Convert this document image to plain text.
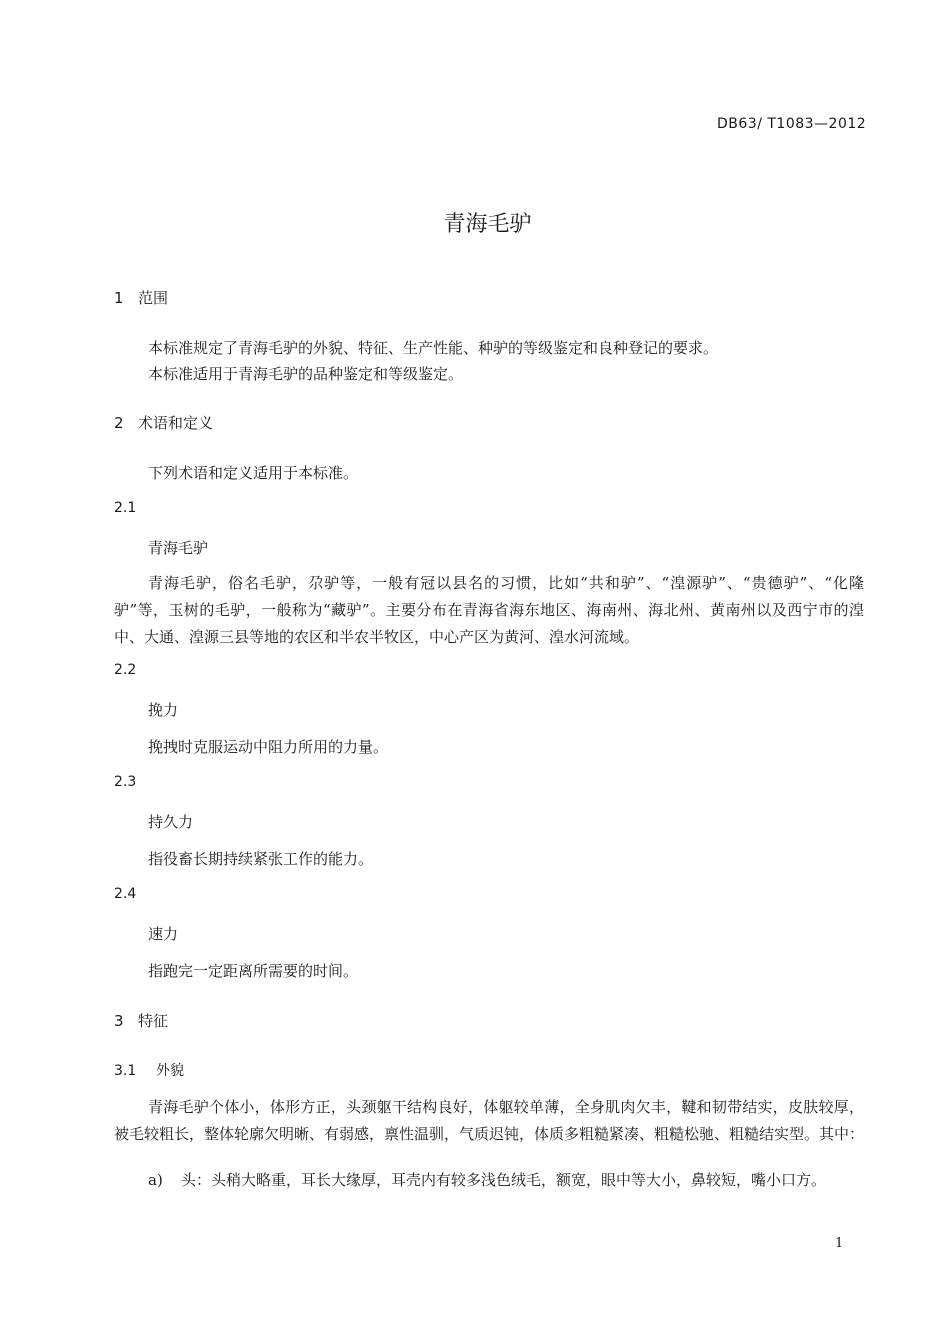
DB63/ T1083—2012
青海毛驴
1 范围
本标准规定了青海毛驴的外貌、特征、生产性能、种驴的等级鉴定和良种登记的要求。
本标准适用于青海毛驴的品种鉴定和等级鉴定。
2 术语和定义
下列术语和定义适用于本标准。
2.1
青海毛驴
青海毛驴，俗名毛驴，尕驴等，一般有冠以县名的习惯，比如“共和驴”、“湟源驴”、“贵德驴”、“化隆驴”等，玉树的毛驴，一般称为“藏驴”。主要分布在青海省海东地区、海南州、海北州、黄南州以及西宁市的湟中、大通、湟源三县等地的农区和半农半牧区，中心产区为黄河、湟水河流域。
2.2
挽力
挽拽时克服运动中阻力所用的力量。
2.3
持久力
指役畜长期持续紧张工作的能力。
2.4
速力
指跑完一定距离所需要的时间。
3 特征
3.1 外貌
青海毛驴个体小，体形方正，头颈躯干结构良好，体躯较单薄，全身肌肉欠丰，鞬和韧带结实，皮肤较厚，被毛较粗长，整体轮廓欠明晰、有弱感，禀性温驯，气质迟钝，体质多粗糙紧凑、粗糙松驰、粗糙结实型。其中：
a) 头：头稍大略重，耳长大缘厚，耳壳内有较多浅色绒毛，额宽，眼中等大小，鼻较短，嘴小口方。
1
